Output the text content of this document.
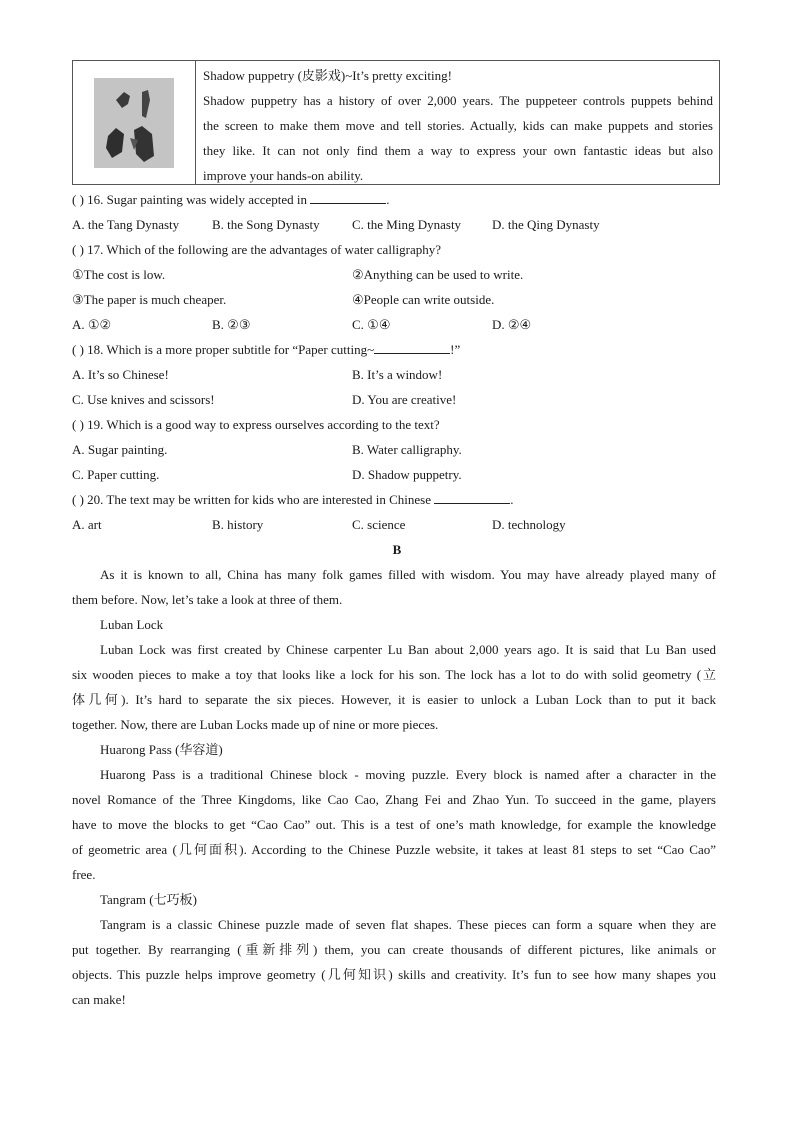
Shadow puppetry (皮影戏)~It’s pretty exciting!
Shadow puppetry has a history of over 2,000 years. The puppeteer controls puppets behind
the screen to make them move and tell stories. Actually, kids can make puppets and stories
they like. It can not only find them a way to express your own fantastic ideas but also
improve your hands-on ability.
( ) 16. Sugar painting was widely accepted in	.
A. the Tang Dynasty	B. the Song Dynasty C. the Ming Dynasty D. the Qing Dynasty
( ) 17. Which of the following are the advantages of water calligraphy?
①The cost is low.	②Anything can be used to write.
③The paper is much cheaper.	④People can write outside.
A. ①②	B. ②③	C. ①④	D. ②④
( ) 18. Which is a more proper subtitle for “Paper cutting~	!”
A. It’s so Chinese!	B. It’s a window!
C. Use knives and scissors!	D. You are creative!
( ) 19. Which is a good way to express ourselves according to the text?
A. Sugar painting.	B. Water calligraphy.
C. Paper cutting.	D. Shadow puppetry.
( ) 20. The text may be written for kids who are interested in Chinese	.
A. art	B. history	C. science	D. technology
B
As it is known to all, China has many folk games filled with wisdom. You may have already played many of
them before. Now, let’s take a look at three of them.
Luban Lock
Luban Lock was first created by Chinese carpenter Lu Ban about 2,000 years ago. It is said that Lu Ban used
six wooden pieces to make a toy that looks like a lock for his son. The lock has a lot to do with solid geometry (立
体几何). It’s hard to separate the six pieces. However, it is easier to unlock a Luban Lock than to put it back
together. Now, there are Luban Locks made up of nine or more pieces.
Huarong Pass (华容道)
Huarong Pass is a traditional Chinese block - moving puzzle. Every block is named after a character in the
novel Romance of the Three Kingdoms, like Cao Cao, Zhang Fei and Zhao Yun. To succeed in the game, players
have to move the blocks to get “Cao Cao” out. This is a test of one’s math knowledge, for example the knowledge
of geometric area (几何面积). According to the Chinese Puzzle website, it takes at least 81 steps to set “Cao Cao”
free.
Tangram (七巧板)
Tangram is a classic Chinese puzzle made of seven flat shapes. These pieces can form a square when they are
put together. By rearranging (重新排列) them, you can create thousands of different pictures, like animals or
objects. This puzzle helps improve geometry (几何知识) skills and creativity. It’s fun to see how many shapes you
can make!
